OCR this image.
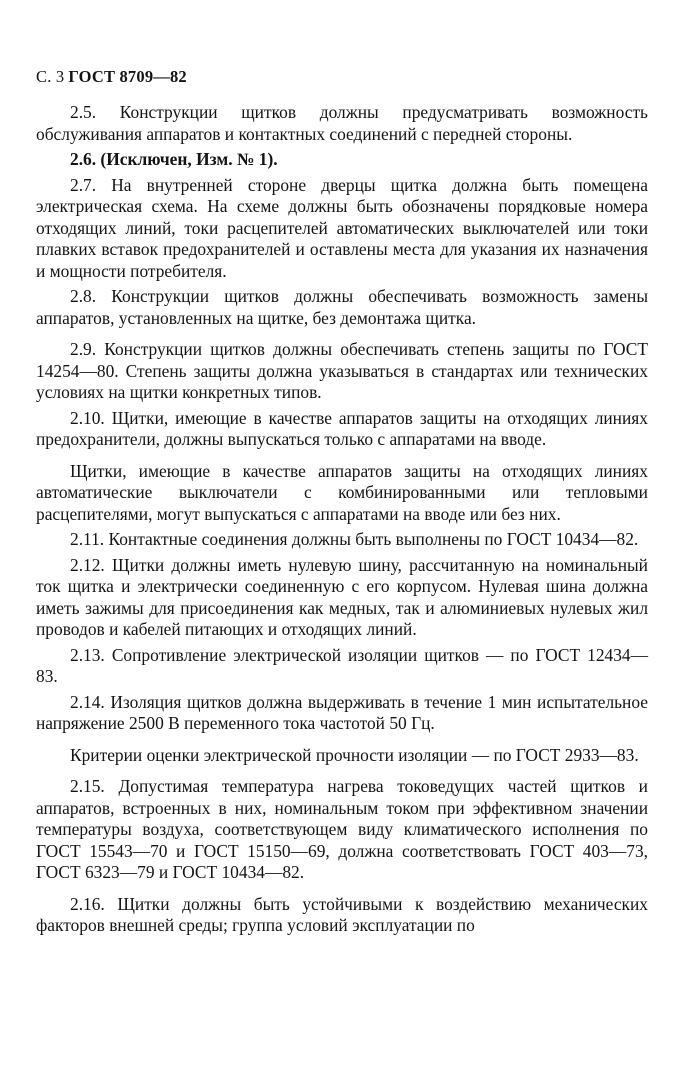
С. 3 ГОСТ 8709—82

2.5. Конструкции щитков должны предусматривать возможность обслуживания аппаратов и контактных соединений с передней стороны.

2.6. (Исключен, Изм. № 1).

2.7. На внутренней стороне дверцы щитка должна быть помещена электрическая схема. На схеме должны быть обозначены порядковые номера отходящих линий, токи расцепителей автоматических выключателей или токи плавких вставок предохранителей и оставлены места для указания их назначения и мощности потребителя.

2.8. Конструкции щитков должны обеспечивать возможность замены аппаратов, установленных на щитке, без демонтажа щитка.

2.9. Конструкции щитков должны обеспечивать степень защиты по ГОСТ 14254—80. Степень защиты должна указываться в стандартах или технических условиях на щитки конкретных типов.

2.10. Щитки, имеющие в качестве аппаратов защиты на отходящих линиях предохранители, должны выпускаться только с аппаратами на вводе.

Щитки, имеющие в качестве аппаратов защиты на отходящих линиях автоматические выключатели с комбинированными или тепловыми расцепителями, могут выпускаться с аппаратами на вводе или без них.

2.11. Контактные соединения должны быть выполнены по ГОСТ 10434—82.

2.12. Щитки должны иметь нулевую шину, рассчитанную на номинальный ток щитка и электрически соединенную с его корпусом. Нулевая шина должна иметь зажимы для присоединения как медных, так и алюминиевых нулевых жил проводов и кабелей питающих и отходящих линий.

2.13. Сопротивление электрической изоляции щитков — по ГОСТ 12434—83.

2.14. Изоляция щитков должна выдерживать в течение 1 мин испытательное напряжение 2500 В переменного тока частотой 50 Гц.

Критерии оценки электрической прочности изоляции — по ГОСТ 2933—83.

2.15. Допустимая температура нагрева токоведущих частей щитков и аппаратов, встроенных в них, номинальным током при эффективном значении температуры воздуха, соответствующем виду климатического исполнения по ГОСТ 15543—70 и ГОСТ 15150—69, должна соответствовать ГОСТ 403—73, ГОСТ 6323—79 и ГОСТ 10434—82.

2.16. Щитки должны быть устойчивыми к воздействию механических факторов внешней среды; группа условий эксплуатации по
